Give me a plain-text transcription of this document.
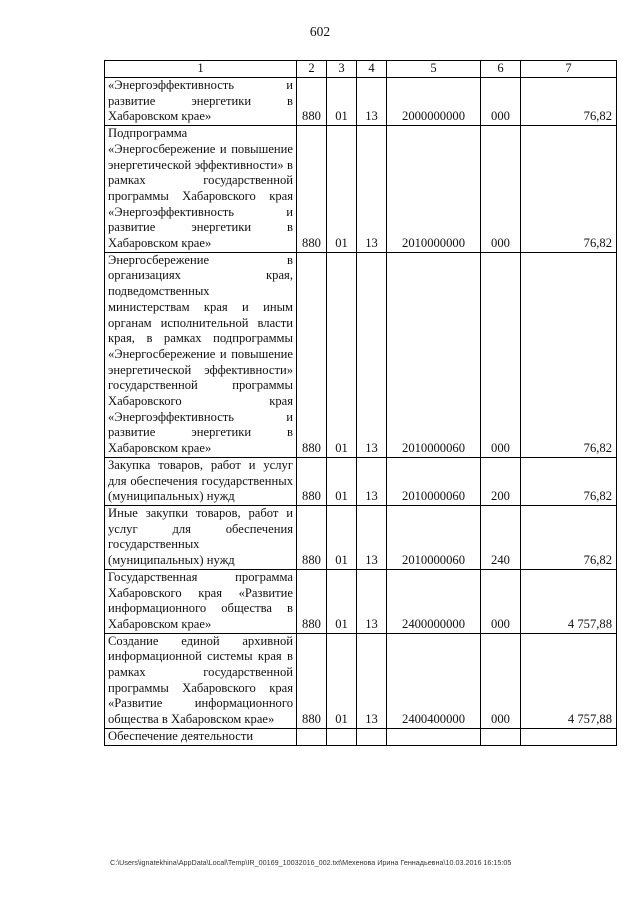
602
1	2	3	4	5	6	7
«Энергоэффективность и развитие энергетики в Хабаровском крае»	880	01	13	2000000000	000	76,82
Подпрограмма «Энергосбережение и повышение энергетической эффективности» в рамках государственной программы Хабаровского края «Энергоэффективность и развитие энергетики в Хабаровском крае»	880	01	13	2010000000	000	76,82
Энергосбережение в организациях края, подведомственных министерствам края и иным органам исполнительной власти края, в рамках подпрограммы «Энергосбережение и повышение энергетической эффективности» государственной программы Хабаровского края «Энергоэффективность и развитие энергетики в Хабаровском крае»	880	01	13	2010000060	000	76,82
Закупка товаров, работ и услуг для обеспечения государственных (муниципальных) нужд	880	01	13	2010000060	200	76,82
Иные закупки товаров, работ и услуг для обеспечения государственных (муниципальных) нужд	880	01	13	2010000060	240	76,82
Государственная программа Хабаровского края «Развитие информационного общества в Хабаровском крае»	880	01	13	2400000000	000	4 757,88
Создание единой архивной информационной системы края в рамках государственной программы Хабаровского края «Развитие информационного общества в Хабаровском крае»	880	01	13	2400400000	000	4 757,88
Обеспечение деятельности						
C:\Users\ignatekhina\AppData\Local\Temp\IR_00169_10032016_002.txt\Мехенова Ирина Геннадьевна\10.03.2016 16:15:05
